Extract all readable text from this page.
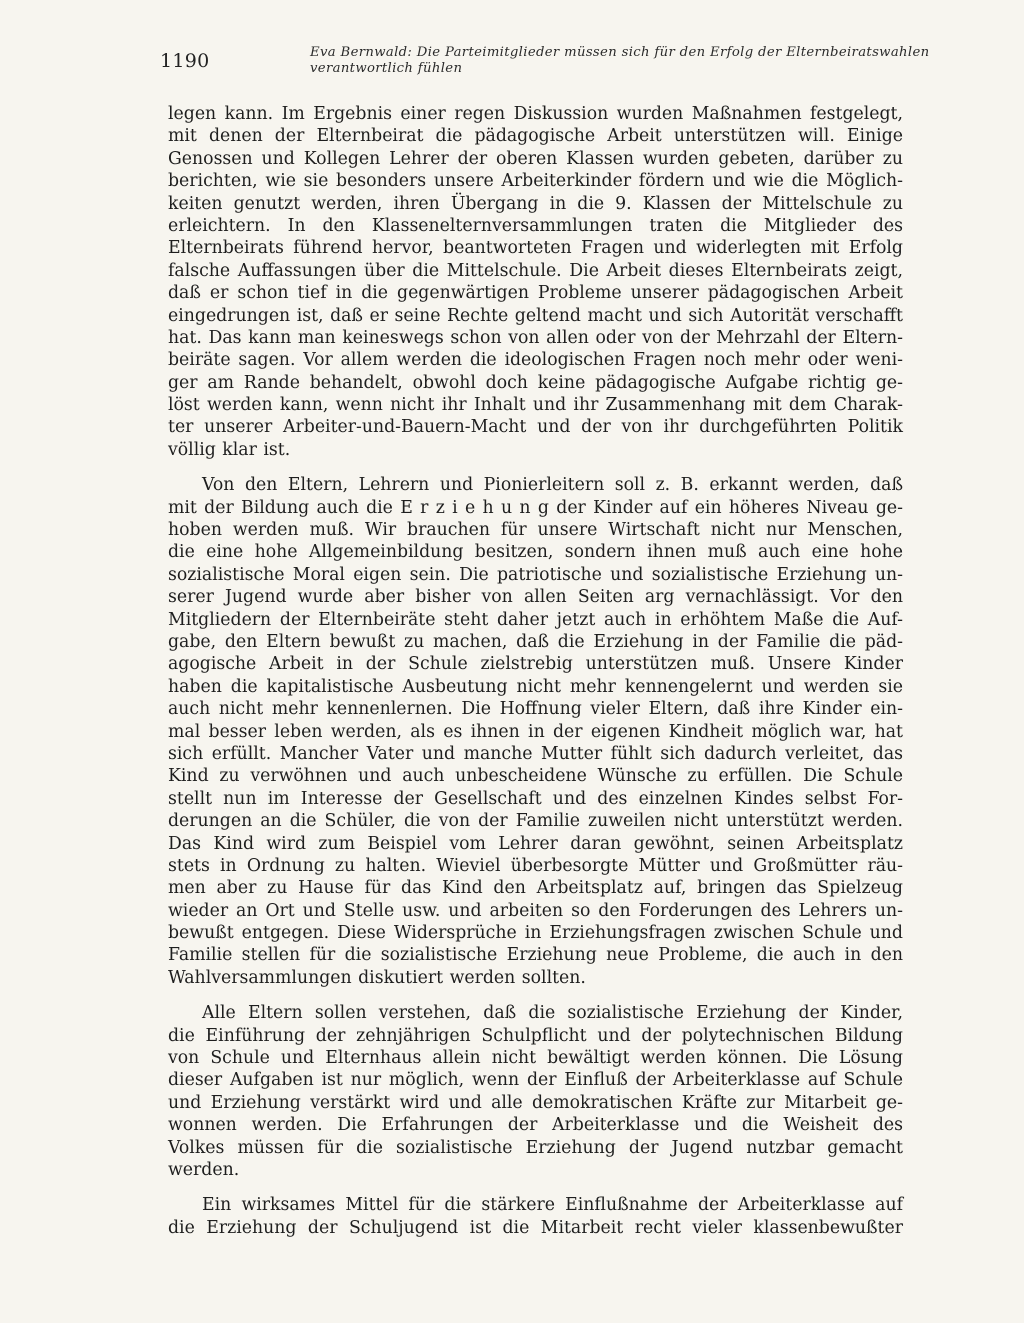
1190	Eva Bernwald: Die Parteimitglieder müssen sich für den Erfolg der Elternbeiratswahlen
verantwortlich fühlen

legen kann. Im Ergebnis einer regen Diskussion wurden Maßnahmen festgelegt,
mit denen der Elternbeirat die pädagogische Arbeit unterstützen will. Einige
Genossen und Kollegen Lehrer der oberen Klassen wurden gebeten, darüber zu
berichten, wie sie besonders unsere Arbeiterkinder fördern und wie die Möglich-
keiten genutzt werden, ihren Übergang in die 9. Klassen der Mittelschule zu
erleichtern. In den Klassenelternversammlungen traten die Mitglieder des
Elternbeirats führend hervor, beantworteten Fragen und widerlegten mit Erfolg
falsche Auffassungen über die Mittelschule. Die Arbeit dieses Elternbeirats zeigt,
daß er schon tief in die gegenwärtigen Probleme unserer pädagogischen Arbeit
eingedrungen ist, daß er seine Rechte geltend macht und sich Autorität verschafft
hat. Das kann man keineswegs schon von allen oder von der Mehrzahl der Eltern-
beiräte sagen. Vor allem werden die ideologischen Fragen noch mehr oder weni-
ger am Rande behandelt, obwohl doch keine pädagogische Aufgabe richtig ge-
löst werden kann, wenn nicht ihr Inhalt und ihr Zusammenhang mit dem Charak-
ter unserer Arbeiter-und-Bauern-Macht und der von ihr durchgeführten Politik
völlig klar ist.

Von den Eltern, Lehrern und Pionierleitern soll z. B. erkannt werden, daß
mit der Bildung auch die E r z i e h u n g der Kinder auf ein höheres Niveau ge-
hoben werden muß. Wir brauchen für unsere Wirtschaft nicht nur Menschen,
die eine hohe Allgemeinbildung besitzen, sondern ihnen muß auch eine hohe
sozialistische Moral eigen sein. Die patriotische und sozialistische Erziehung un-
serer Jugend wurde aber bisher von allen Seiten arg vernachlässigt. Vor den
Mitgliedern der Elternbeiräte steht daher jetzt auch in erhöhtem Maße die Auf-
gabe, den Eltern bewußt zu machen, daß die Erziehung in der Familie die päd-
agogische Arbeit in der Schule zielstrebig unterstützen muß. Unsere Kinder
haben die kapitalistische Ausbeutung nicht mehr kennengelernt und werden sie
auch nicht mehr kennenlernen. Die Hoffnung vieler Eltern, daß ihre Kinder ein-
mal besser leben werden, als es ihnen in der eigenen Kindheit möglich war, hat
sich erfüllt. Mancher Vater und manche Mutter fühlt sich dadurch verleitet, das
Kind zu verwöhnen und auch unbescheidene Wünsche zu erfüllen. Die Schule
stellt nun im Interesse der Gesellschaft und des einzelnen Kindes selbst For-
derungen an die Schüler, die von der Familie zuweilen nicht unterstützt werden.
Das Kind wird zum Beispiel vom Lehrer daran gewöhnt, seinen Arbeitsplatz
stets in Ordnung zu halten. Wieviel überbesorgte Mütter und Großmütter räu-
men aber zu Hause für das Kind den Arbeitsplatz auf, bringen das Spielzeug
wieder an Ort und Stelle usw. und arbeiten so den Forderungen des Lehrers un-
bewußt entgegen. Diese Widersprüche in Erziehungsfragen zwischen Schule und
Familie stellen für die sozialistische Erziehung neue Probleme, die auch in den
Wahlversammlungen diskutiert werden sollten.

Alle Eltern sollen verstehen, daß die sozialistische Erziehung der Kinder,
die Einführung der zehnjährigen Schulpflicht und der polytechnischen Bildung
von Schule und Elternhaus allein nicht bewältigt werden können. Die Lösung
dieser Aufgaben ist nur möglich, wenn der Einfluß der Arbeiterklasse auf Schule
und Erziehung verstärkt wird und alle demokratischen Kräfte zur Mitarbeit ge-
wonnen werden. Die Erfahrungen der Arbeiterklasse und die Weisheit des
Volkes müssen für die sozialistische Erziehung der Jugend nutzbar gemacht
werden.

Ein wirksames Mittel für die stärkere Einflußnahme der Arbeiterklasse auf
die Erziehung der Schuljugend ist die Mitarbeit recht vieler klassenbewußter
